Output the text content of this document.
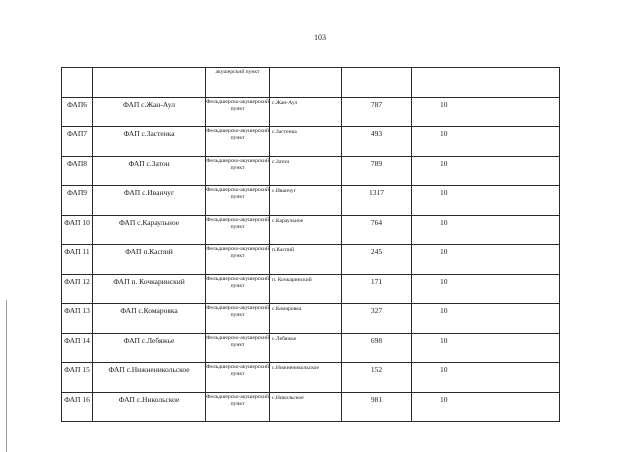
103

		акушерский пункт			

ФАП6	ФАП с.Жан-Аул	Фельдшерско-акушерский пункт	с.Жан-Аул	787	10

ФАП7	ФАП с.Застенка	Фельдшерско-акушерский пункт	с.Застенка	493	10

ФАП8	ФАП с.Затон	Фельдшерско-акушерский пункт	с.Затон	789	10

ФАП9	ФАП с.Иванчуг	Фельдшерско-акушерский пункт	с.Иванчуг	1317	10

ФАП 10	ФАП с.Караульное	Фельдшерско-акушерский пункт	с.Караульное	764	10

ФАП 11	ФАП п.Каспий	Фельдшерско-акушерский пункт	п.Каспий	245	10

ФАП 12	ФАП п. Кочкаринский	Фельдшерско-акушерский пункт	п. Кочкаринский	171	10

ФАП 13	ФАП с.Комаровка	Фельдшерско-акушерский пункт	с.Комаровка	327	10

ФАП 14	ФАП с.Лебяжье	Фельдшерско-акушерский пункт	с.Лебяжье	698	10

ФАП 15	ФАП с.Нижненикольское	Фельдшерско-акушерский пункт	с.Нижненикольское	152	10

ФАП 16	ФАП с.Никольское	Фельдшерско-акушерский пункт	с.Никольское	981	10
